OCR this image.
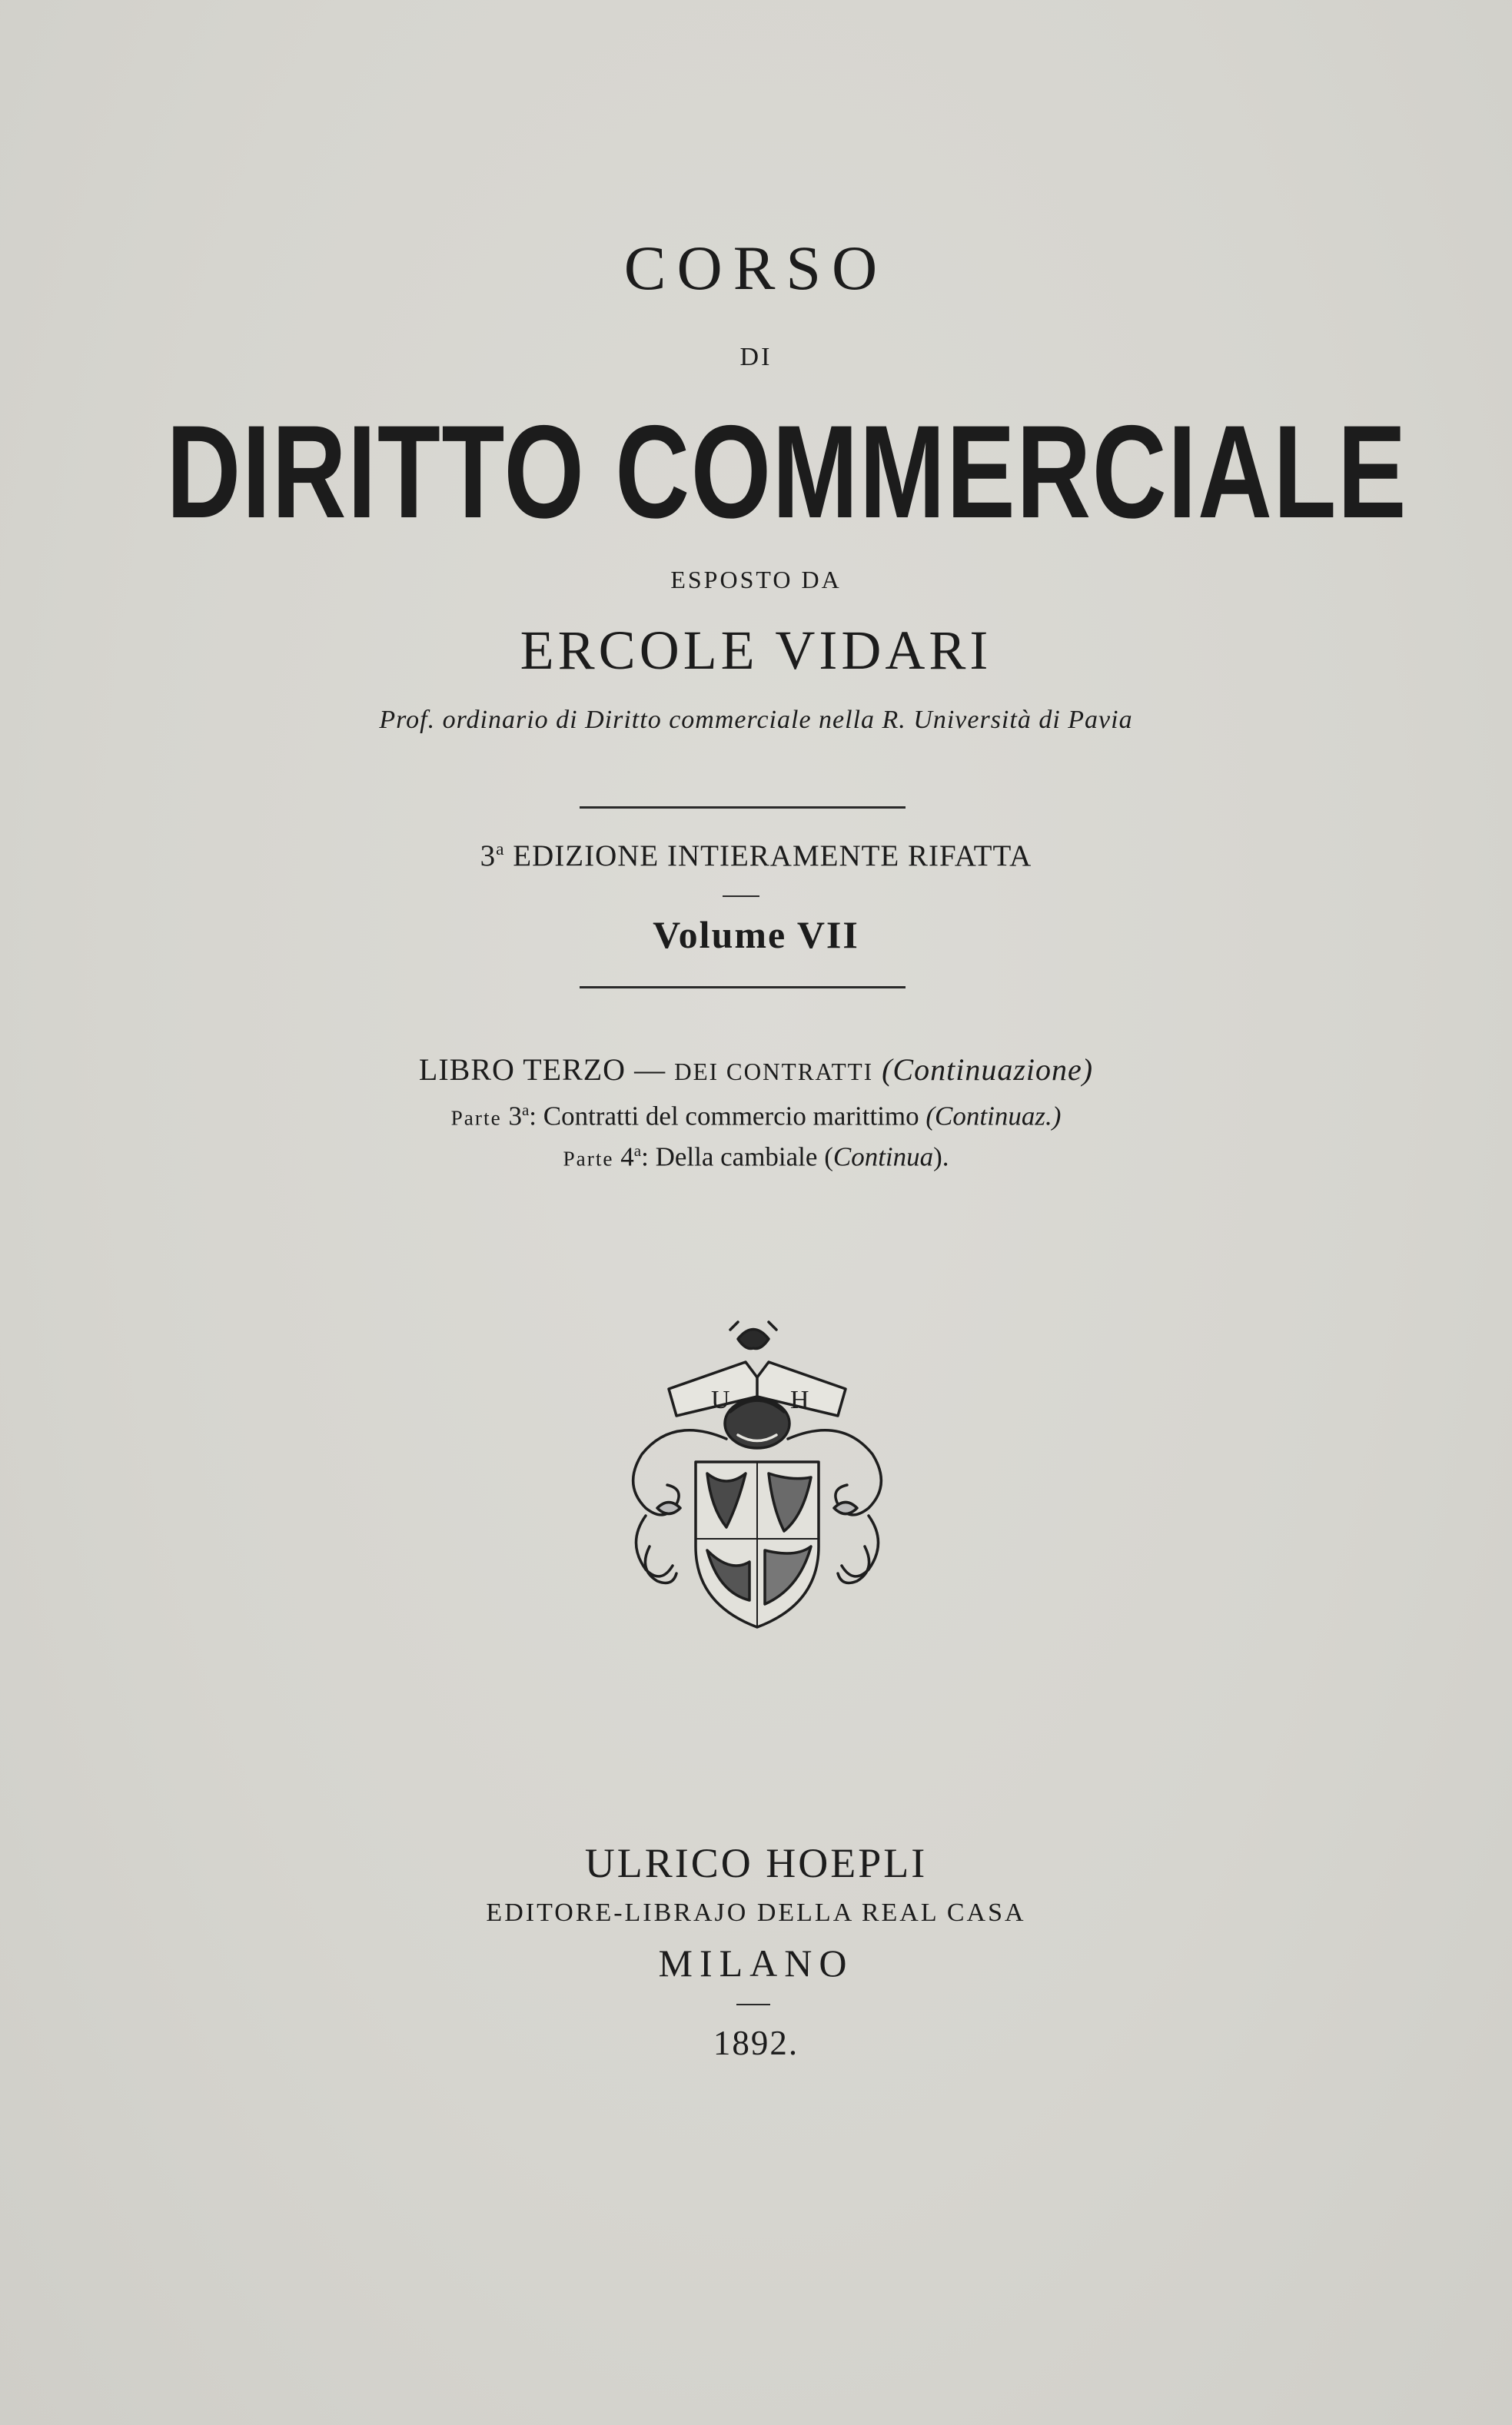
CORSO
DI
DIRITTO COMMERCIALE
ESPOSTO DA
ERCOLE VIDARI
Prof. ordinario di Diritto commerciale nella R. Università di Pavia
3$^a$ EDIZIONE INTIERAMENTE RIFATTA
Volume VII
LIBRO TERZO — DEI CONTRATTI (Continuazione)
Parte 3$^a$: Contratti del commercio marittimo (Continuaz.)
Parte 4$^a$: Della cambiale (Continua).
U H
ULRICO HOEPLI
EDITORE-LIBRAJO DELLA REAL CASA
MILANO
1892.
